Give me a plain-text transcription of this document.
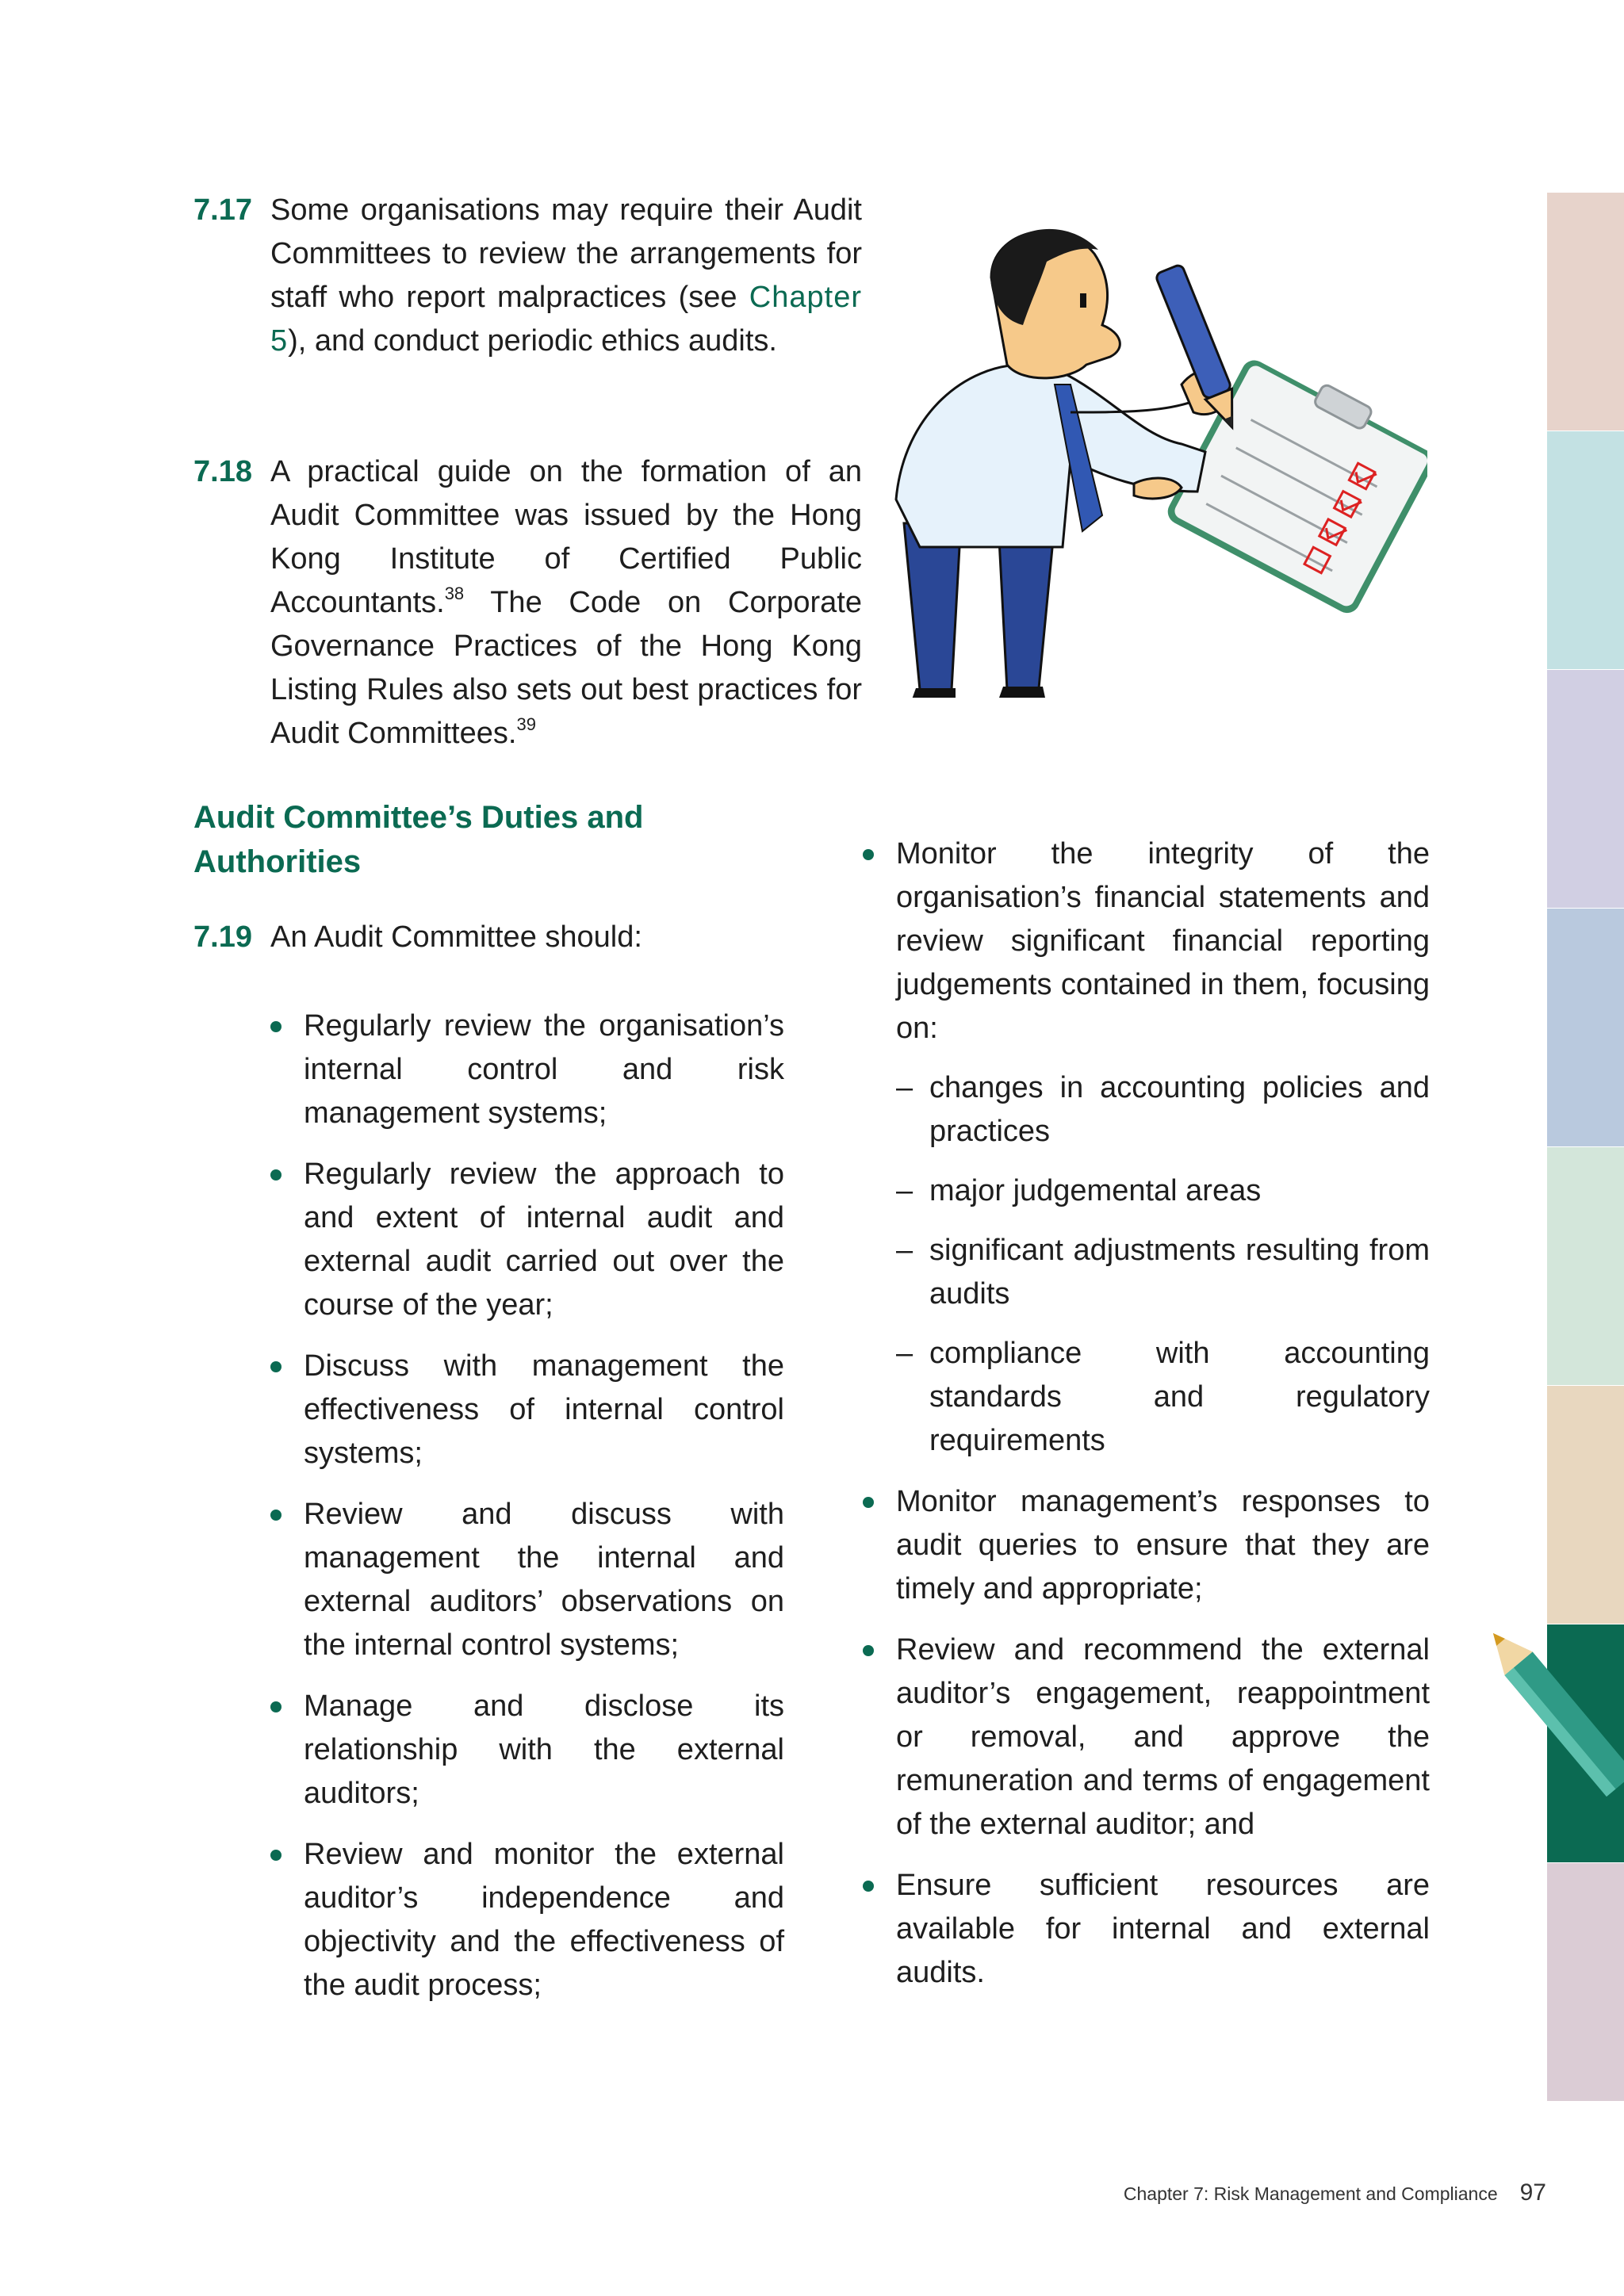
7.17 Some organisations may require their Audit Committees to review the arrangements for staff who report malpractices (see Chapter 5), and conduct periodic ethics audits.
7.18 A practical guide on the formation of an Audit Committee was issued by the Hong Kong Institute of Certified Public Accountants.$^{38}$ The Code on Corporate Governance Practices of the Hong Kong Listing Rules also sets out best practices for Audit Committees.$^{39}$
Audit Committee’s Duties and Authorities
7.19 An Audit Committee should:
Regularly review the organisation’s internal control and risk management systems;
Regularly review the approach to and extent of internal audit and external audit carried out over the course of the year;
Discuss with management the effectiveness of internal control systems;
Review and discuss with management the internal and external auditors’ observations on the internal control systems;
Manage and disclose its relationship with the external auditors;
Review and monitor the external auditor’s independence and objectivity and the effectiveness of the audit process;
Monitor the integrity of the organisation’s financial statements and review significant financial reporting judgements contained in them, focusing on:
– changes in accounting policies and practices
– major judgemental areas
– significant adjustments resulting from audits
– compliance with accounting standards and regulatory requirements
Monitor management’s responses to audit queries to ensure that they are timely and appropriate;
Review and recommend the external auditor’s engagement, reappointment or removal, and approve the remuneration and terms of engagement of the external auditor; and
Ensure sufficient resources are available for internal and external audits.
Chapter 7: Risk Management and Compliance 97
